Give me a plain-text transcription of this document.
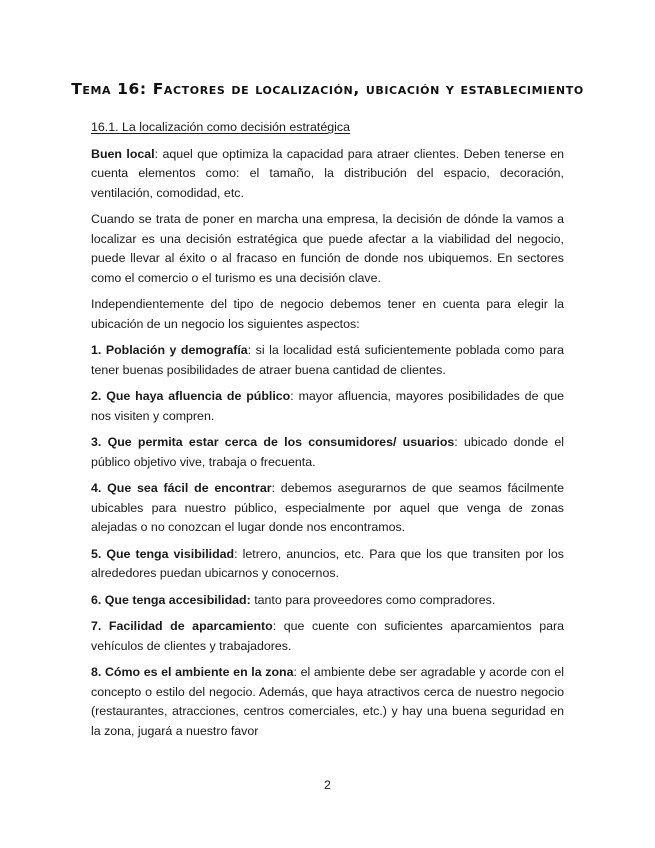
Tema 16: Factores de localización, ubicación y establecimiento
16.1. La localización como decisión estratégica

Buen local: aquel que optimiza la capacidad para atraer clientes. Deben tenerse en cuenta elementos como: el tamaño, la distribución del espacio, decoración, ventilación, comodidad, etc.

Cuando se trata de poner en marcha una empresa, la decisión de dónde la vamos a localizar es una decisión estratégica que puede afectar a la viabilidad del negocio, puede llevar al éxito o al fracaso en función de donde nos ubiquemos. En sectores como el comercio o el turismo es una decisión clave.

Independientemente del tipo de negocio debemos tener en cuenta para elegir la ubicación de un negocio los siguientes aspectos:

1. Población y demografía: si la localidad está suficientemente poblada como para tener buenas posibilidades de atraer buena cantidad de clientes.

2. Que haya afluencia de público: mayor afluencia, mayores posibilidades de que nos visiten y compren.

3. Que permita estar cerca de los consumidores/ usuarios: ubicado donde el público objetivo vive, trabaja o frecuenta.

4. Que sea fácil de encontrar: debemos asegurarnos de que seamos fácilmente ubicables para nuestro público, especialmente por aquel que venga de zonas alejadas o no conozcan el lugar donde nos encontramos.

5. Que tenga visibilidad: letrero, anuncios, etc. Para que los que transiten por los alrededores puedan ubicarnos y conocernos.

6. Que tenga accesibilidad: tanto para proveedores como compradores.

7. Facilidad de aparcamiento: que cuente con suficientes aparcamientos para vehículos de clientes y trabajadores.

8. Cómo es el ambiente en la zona: el ambiente debe ser agradable y acorde con el concepto o estilo del negocio. Además, que haya atractivos cerca de nuestro negocio (restaurantes, atracciones, centros comerciales, etc.) y hay una buena seguridad en la zona, jugará a nuestro favor

2
